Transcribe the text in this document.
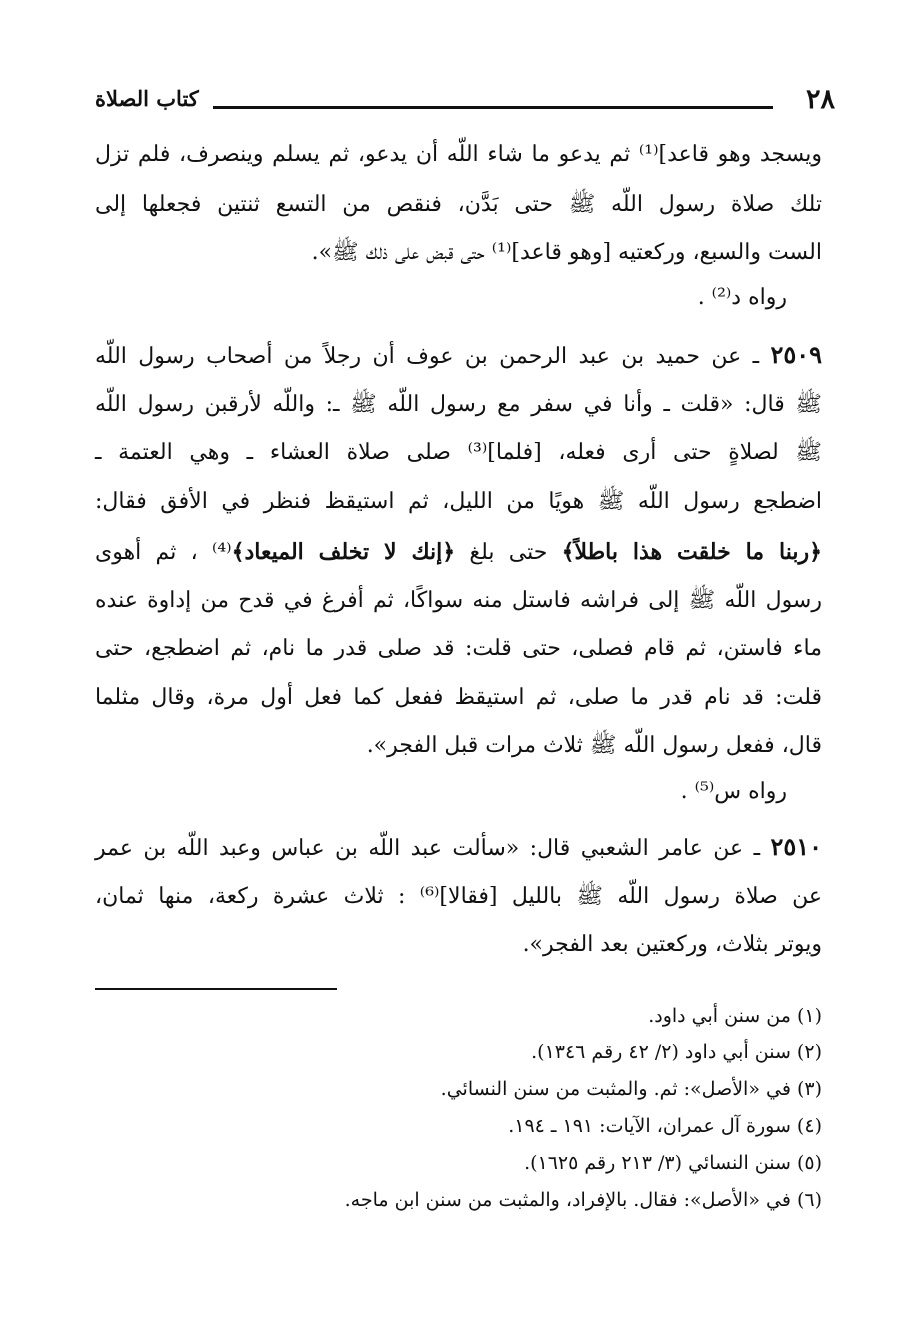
٢٨
كتاب الصلاة
ويسجد وهو قاعد]⁽¹⁾ ثم يدعو ما شاء اللّه أن يدعو، ثم يسلم وينصرف، فلم تزل
تلك صلاة رسول اللّه ﷺ حتى بَدَّن، فنقص من التسع ثنتين فجعلها إلى
الست والسبع، وركعتيه [وهو قاعد]⁽¹⁾ حتى قبض على ذلك ﷺ».
رواه د⁽²⁾ .
٢٥٠٩ ـ عن حميد بن عبد الرحمن بن عوف أن رجلاً من أصحاب رسول اللّه
ﷺ قال: «قلت ـ وأنا في سفر مع رسول اللّه ﷺ ـ: واللّه لأرقبن رسول اللّه
ﷺ لصلاةٍ حتى أرى فعله، [فلما]⁽³⁾ صلى صلاة العشاء ـ وهي العتمة ـ
اضطجع رسول اللّه ﷺ هويًا من الليل، ثم استيقظ فنظر في الأفق فقال:
﴿ربنا ما خلقت هذا باطلاً﴾ حتى بلغ ﴿إنك لا تخلف الميعاد﴾⁽⁴⁾ ، ثم أهوى
رسول اللّه ﷺ إلى فراشه فاستل منه سواكًا، ثم أفرغ في قدح من إداوة عنده
ماء فاستن، ثم قام فصلى، حتى قلت: قد صلى قدر ما نام، ثم اضطجع، حتى
قلت: قد نام قدر ما صلى، ثم استيقظ ففعل كما فعل أول مرة، وقال مثلما
قال، ففعل رسول اللّه ﷺ ثلاث مرات قبل الفجر».
رواه س⁽⁵⁾ .
٢٥١٠ ـ عن عامر الشعبي قال: «سألت عبد اللّه بن عباس وعبد اللّه بن عمر
عن صلاة رسول اللّه ﷺ بالليل [فقالا]⁽⁶⁾ : ثلاث عشرة ركعة، منها ثمان،
ويوتر بثلاث، وركعتين بعد الفجر».
(١) من سنن أبي داود.
(٢) سنن أبي داود (٢/ ٤٢ رقم ١٣٤٦).
(٣) في «الأصل»: ثم. والمثبت من سنن النسائي.
(٤) سورة آل عمران، الآيات: ١٩١ ـ ١٩٤.
(٥) سنن النسائي (٣/ ٢١٣ رقم ١٦٢٥).
(٦) في «الأصل»: فقال. بالإفراد، والمثبت من سنن ابن ماجه.
